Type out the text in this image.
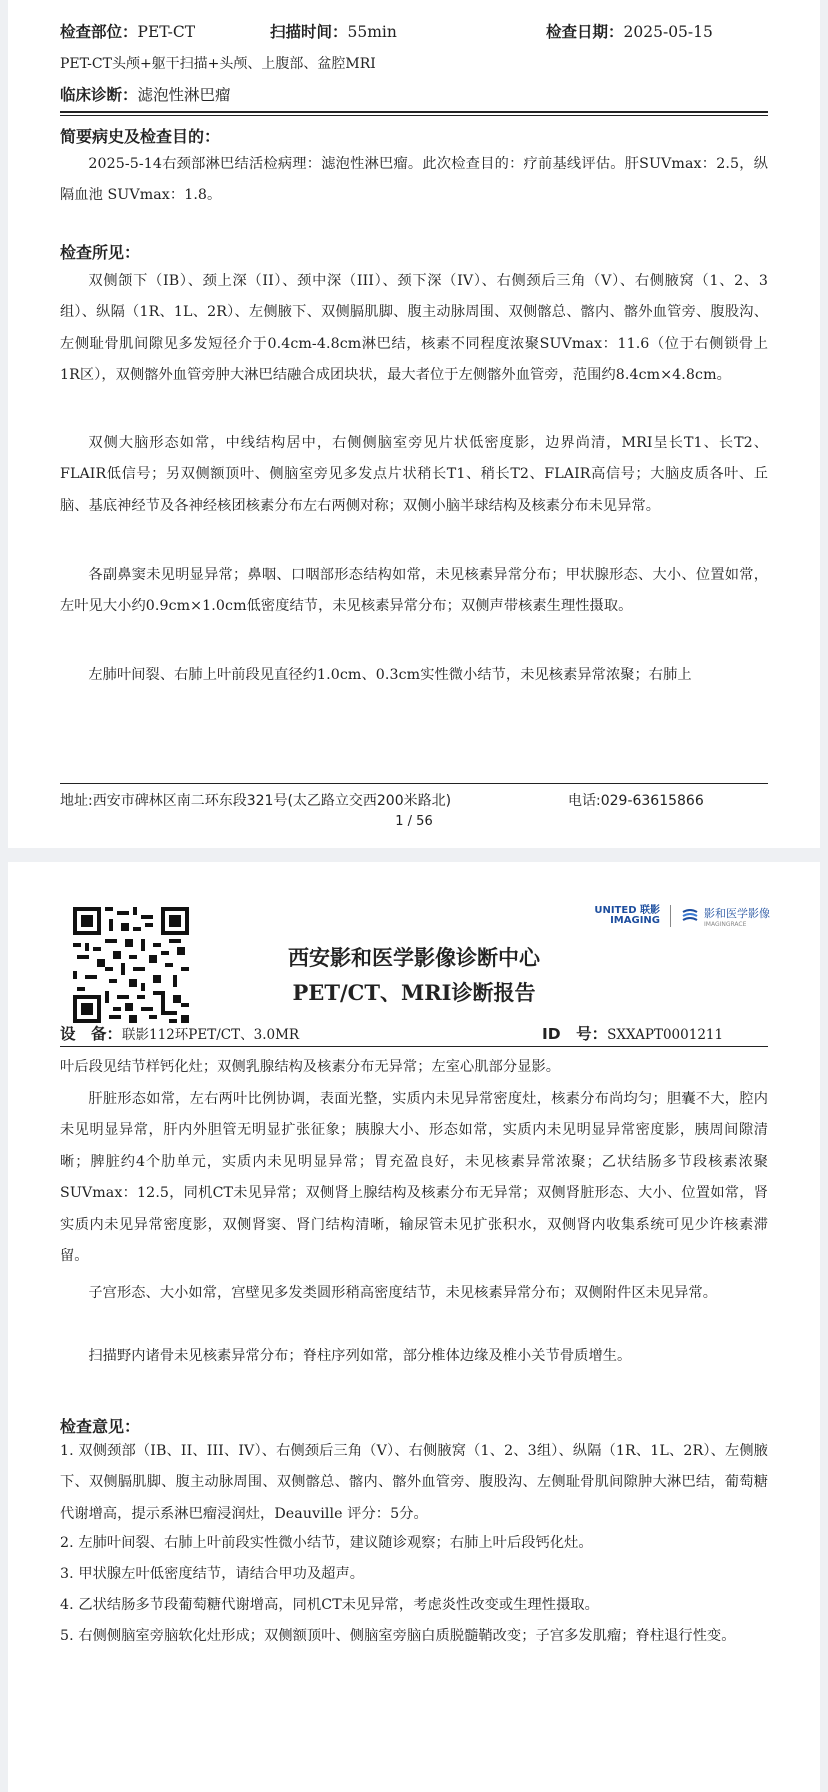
检查部位：PET-CT	扫描时间：55min	检查日期：2025-05-15
PET-CT头颅+躯干扫描+头颅、上腹部、盆腔MRI
临床诊断：滤泡性淋巴瘤
简要病史及检查目的：
2025-5-14右颈部淋巴结活检病理：滤泡性淋巴瘤。此次检查目的：疗前基线评估。肝SUVmax：2.5，纵隔血池 SUVmax：1.8。
检查所见：
双侧颌下（IB）、颈上深（II）、颈中深（III）、颈下深（IV）、右侧颈后三角（V）、右侧腋窝（1、2、3组）、纵隔（1R、1L、2R）、左侧腋下、双侧膈肌脚、腹主动脉周围、双侧髂总、髂内、髂外血管旁、腹股沟、左侧耻骨肌间隙见多发短径介于0.4cm-4.8cm淋巴结，核素不同程度浓聚SUVmax：11.6（位于右侧锁骨上1R区），双侧髂外血管旁肿大淋巴结融合成团块状，最大者位于左侧髂外血管旁，范围约8.4cm×4.8cm。
双侧大脑形态如常，中线结构居中，右侧侧脑室旁见片状低密度影，边界尚清，MRI呈长T1、长T2、FLAIR低信号；另双侧额顶叶、侧脑室旁见多发点片状稍长T1、稍长T2、FLAIR高信号；大脑皮质各叶、丘脑、基底神经节及各神经核团核素分布左右两侧对称；双侧小脑半球结构及核素分布未见异常。
各副鼻窦未见明显异常；鼻咽、口咽部形态结构如常，未见核素异常分布；甲状腺形态、大小、位置如常，左叶见大小约0.9cm×1.0cm低密度结节，未见核素异常分布；双侧声带核素生理性摄取。
左肺叶间裂、右肺上叶前段见直径约1.0cm、0.3cm实性微小结节，未见核素异常浓聚；右肺上
地址:西安市碑林区南二环东段321号(太乙路立交西200米路北)	电话:029-63615866
1 / 56
UNITED 联影
IMAGING
影和医学影像
IMAGINGRACE
西安影和医学影像诊断中心
PET/CT、MRI诊断报告
设　备：联影112环PET/CT、3.0MR	ID　号：SXXAPT0001211
叶后段见结节样钙化灶；双侧乳腺结构及核素分布无异常；左室心肌部分显影。
肝脏形态如常，左右两叶比例协调，表面光整，实质内未见异常密度灶，核素分布尚均匀；胆囊不大，腔内未见明显异常，肝内外胆管无明显扩张征象；胰腺大小、形态如常，实质内未见明显异常密度影，胰周间隙清晰；脾脏约4个肋单元，实质内未见明显异常；胃充盈良好，未见核素异常浓聚；乙状结肠多节段核素浓聚SUVmax：12.5，同机CT未见异常；双侧肾上腺结构及核素分布无异常；双侧肾脏形态、大小、位置如常，肾实质内未见异常密度影，双侧肾窦、肾门结构清晰，输尿管未见扩张积水，双侧肾内收集系统可见少许核素滞留。
子宫形态、大小如常，宫壁见多发类圆形稍高密度结节，未见核素异常分布；双侧附件区未见异常。
扫描野内诸骨未见核素异常分布；脊柱序列如常，部分椎体边缘及椎小关节骨质增生。
检查意见：
1. 双侧颈部（IB、II、III、IV）、右侧颈后三角（V）、右侧腋窝（1、2、3组）、纵隔（1R、1L、2R）、左侧腋下、双侧膈肌脚、腹主动脉周围、双侧髂总、髂内、髂外血管旁、腹股沟、左侧耻骨肌间隙肿大淋巴结，葡萄糖代谢增高，提示系淋巴瘤浸润灶，Deauville 评分：5分。
2. 左肺叶间裂、右肺上叶前段实性微小结节，建议随诊观察；右肺上叶后段钙化灶。
3. 甲状腺左叶低密度结节，请结合甲功及超声。
4. 乙状结肠多节段葡萄糖代谢增高，同机CT未见异常，考虑炎性改变或生理性摄取。
5. 右侧侧脑室旁脑软化灶形成；双侧额顶叶、侧脑室旁脑白质脱髓鞘改变；子宫多发肌瘤；脊柱退行性变。
